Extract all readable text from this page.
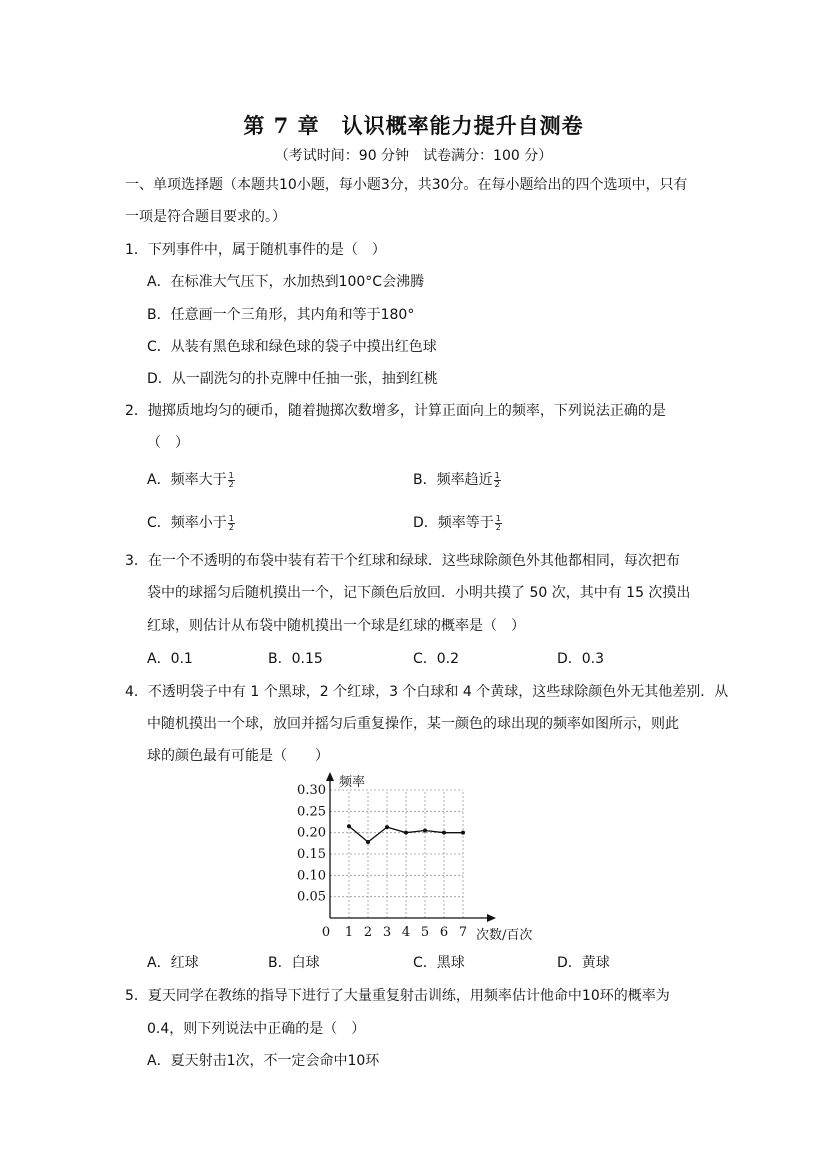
第 7 章　认识概率能力提升自测卷
（考试时间：90 分钟　试卷满分：100 分）
一、单项选择题（本题共10小题，每小题3分，共30分。在每小题给出的四个选项中，只有
一项是符合题目要求的。）
1．下列事件中，属于随机事件的是（　）
A．在标准大气压下，水加热到100°C会沸腾
B．任意画一个三角形，其内角和等于180°
C．从装有黑色球和绿色球的袋子中摸出红色球
D．从一副洗匀的扑克牌中任抽一张，抽到红桃
2．抛掷质地均匀的硬币，随着抛掷次数增多，计算正面向上的频率，下列说法正确的是
（　）
A．频率大于 $\frac{1}{2}$	B．频率趋近 $\frac{1}{2}$
C．频率小于 $\frac{1}{2}$	D．频率等于 $\frac{1}{2}$
3．在一个不透明的布袋中装有若干个红球和绿球．这些球除颜色外其他都相同，每次把布
袋中的球摇匀后随机摸出一个，记下颜色后放回．小明共摸了 50 次，其中有 15 次摸出
红球，则估计从布袋中随机摸出一个球是红球的概率是（　）
A．0.1	B．0.15	C．0.2	D．0.3
4．不透明袋子中有 1 个黑球，2 个红球，3 个白球和 4 个黄球，这些球除颜色外无其他差别．从
中随机摸出一个球，放回并摇匀后重复操作，某一颜色的球出现的频率如图所示，则此
球的颜色最有可能是（　　）
0.05
0.10
0.15
0.20
0.25
0.30
1 2 3 4 5 6 7
0
频率
次数/百次
A．红球	B．白球	C．黑球	D．黄球
5．夏天同学在教练的指导下进行了大量重复射击训练，用频率估计他命中10环的概率为
0.4，则下列说法中正确的是（　）
A．夏天射击1次，不一定会命中10环
